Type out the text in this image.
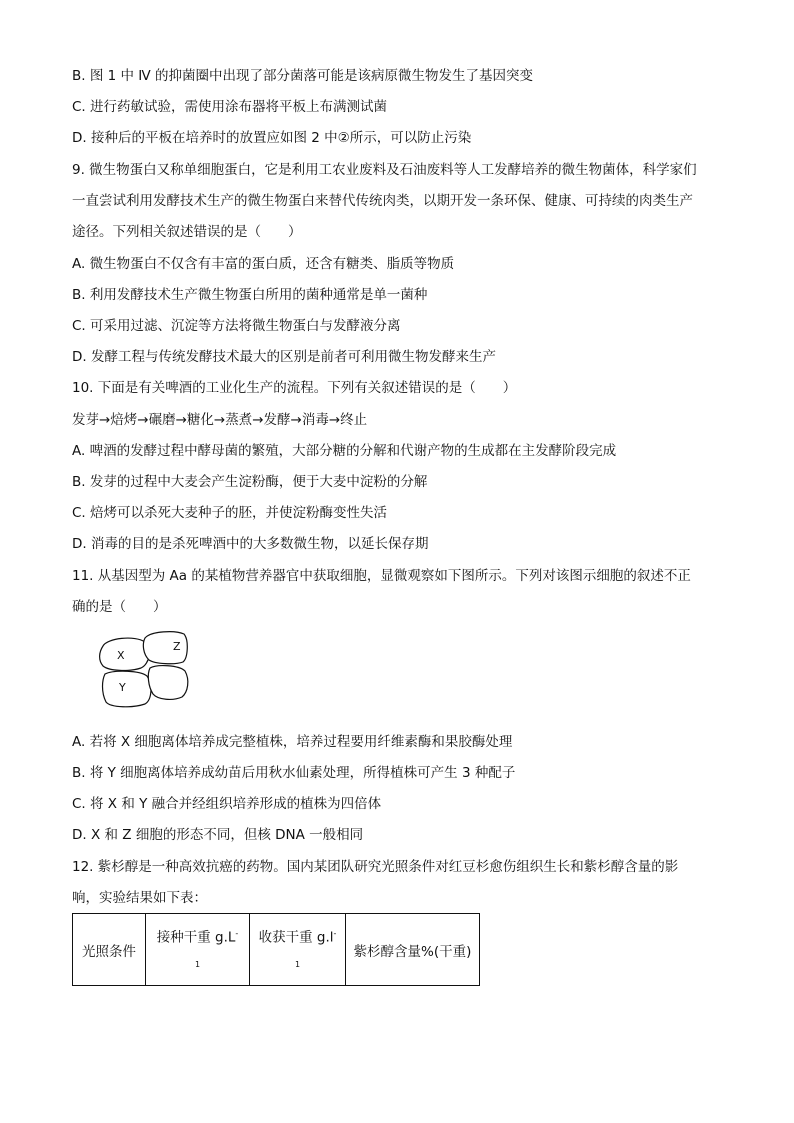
B. 图 1 中 Ⅳ 的抑菌圈中出现了部分菌落可能是该病原微生物发生了基因突变
C. 进行药敏试验，需使用涂布器将平板上布满测试菌
D. 接种后的平板在培养时的放置应如图 2 中②所示，可以防止污染
9. 微生物蛋白又称单细胞蛋白，它是利用工农业废料及石油废料等人工发酵培养的微生物菌体，科学家们
一直尝试利用发酵技术生产的微生物蛋白来替代传统肉类，以期开发一条环保、健康、可持续的肉类生产
途径。下列相关叙述错误的是（　　）
A. 微生物蛋白不仅含有丰富的蛋白质，还含有糖类、脂质等物质
B. 利用发酵技术生产微生物蛋白所用的菌种通常是单一菌种
C. 可采用过滤、沉淀等方法将微生物蛋白与发酵液分离
D. 发酵工程与传统发酵技术最大的区别是前者可利用微生物发酵来生产
10. 下面是有关啤酒的工业化生产的流程。下列有关叙述错误的是（　　）
发芽→焙烤→碾磨→糖化→蒸煮→发酵→消毒→终止
A. 啤酒的发酵过程中酵母菌的繁殖，大部分糖的分解和代谢产物的生成都在主发酵阶段完成
B. 发芽的过程中大麦会产生淀粉酶，便于大麦中淀粉的分解
C. 焙烤可以杀死大麦种子的胚，并使淀粉酶变性失活
D. 消毒的目的是杀死啤酒中的大多数微生物，以延长保存期
11. 从基因型为 Aa 的某植物营养器官中获取细胞，显微观察如下图所示。下列对该图示细胞的叙述不正
确的是（　　）
X
Z
Y
A. 若将 X 细胞离体培养成完整植株，培养过程要用纤维素酶和果胶酶处理
B. 将 Y 细胞离体培养成幼苗后用秋水仙素处理，所得植株可产生 3 种配子
C. 将 X 和 Y 融合并经组织培养形成的植株为四倍体
D. X 和 Z 细胞的形态不同，但核 DNA 一般相同
12. 紫杉醇是一种高效抗癌的药物。国内某团队研究光照条件对红豆杉愈伤组织生长和紫杉醇含量的影
响，实验结果如下表：
光照条件	接种干重 g.L-
1
	收获干重 g.l-
1
	紫杉醇含量%(干重)
